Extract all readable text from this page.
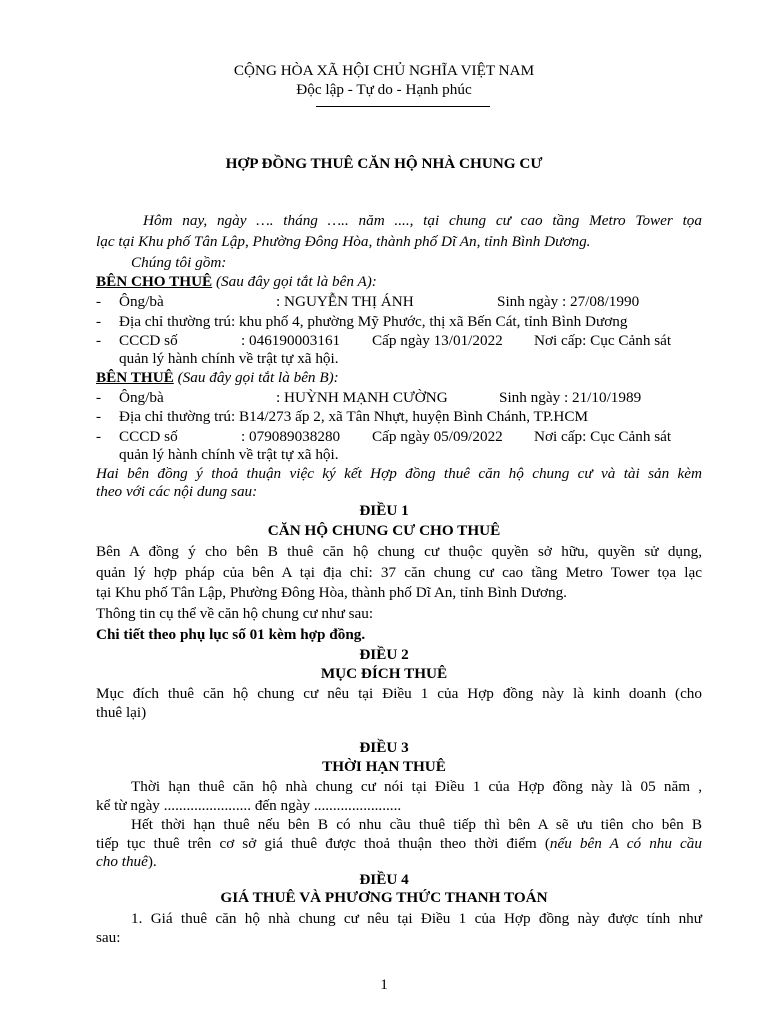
CỘNG HÒA XÃ HỘI CHỦ NGHĨA VIỆT NAM
Độc lập - Tự do - Hạnh phúc
HỢP ĐỒNG THUÊ CĂN HỘ NHÀ CHUNG CƯ
Hôm nay, ngày …. tháng ….. năm ...., tại chung cư cao tầng Metro Tower tọa
lạc tại Khu phố Tân Lập, Phường Đông Hòa, thành phố Dĩ An, tỉnh Bình Dương.
Chúng tôi gồm:
BÊN CHO THUÊ (Sau đây gọi tắt là bên A):
- Ông/bà	: NGUYỄN THỊ ÁNH	Sinh ngày : 27/08/1990
- Địa chỉ thường trú: khu phố 4, phường Mỹ Phước, thị xã Bến Cát, tỉnh Bình Dương
- CCCD số	: 046190003161 Cấp ngày 13/01/2022 Nơi cấp: Cục Cảnh sát
quản lý hành chính về trật tự xã hội.
BÊN THUÊ (Sau đây gọi tắt là bên B):
- Ông/bà	: HUỲNH MẠNH CƯỜNG	Sinh ngày : 21/10/1989
- Địa chỉ thường trú: B14/273 ấp 2, xã Tân Nhựt, huyện Bình Chánh, TP.HCM
- CCCD số	: 079089038280 Cấp ngày 05/09/2022 Nơi cấp: Cục Cảnh sát
quản lý hành chính về trật tự xã hội.
Hai bên đồng ý thoả thuận việc ký kết Hợp đồng thuê căn hộ chung cư và tài sản kèm
theo với các nội dung sau:
ĐIỀU 1
CĂN HỘ CHUNG CƯ CHO THUÊ
Bên A đồng ý cho bên B thuê căn hộ chung cư thuộc quyền sở hữu, quyền sử dụng,
quản lý hợp pháp của bên A tại địa chỉ: 37 căn chung cư cao tầng Metro Tower tọa lạc
tại Khu phố Tân Lập, Phường Đông Hòa, thành phố Dĩ An, tỉnh Bình Dương.
Thông tin cụ thể về căn hộ chung cư như sau:
Chi tiết theo phụ lục số 01 kèm hợp đồng.
ĐIỀU 2
MỤC ĐÍCH THUÊ
Mục đích thuê căn hộ chung cư nêu tại Điều 1 của Hợp đồng này là kinh doanh (cho
thuê lại)
ĐIỀU 3
THỜI HẠN THUÊ
Thời hạn thuê căn hộ nhà chung cư nói tại Điều 1 của Hợp đồng này là 05 năm ,
kể từ ngày ....................... đến ngày .......................
Hết thời hạn thuê nếu bên B có nhu cầu thuê tiếp thì bên A sẽ ưu tiên cho bên B
tiếp tục thuê trên cơ sở giá thuê được thoả thuận theo thời điểm (nếu bên A có nhu cầu
cho thuê).
ĐIỀU 4
GIÁ THUÊ VÀ PHƯƠNG THỨC THANH TOÁN
1. Giá thuê căn hộ nhà chung cư nêu tại Điều 1 của Hợp đồng này được tính như
sau:
1
